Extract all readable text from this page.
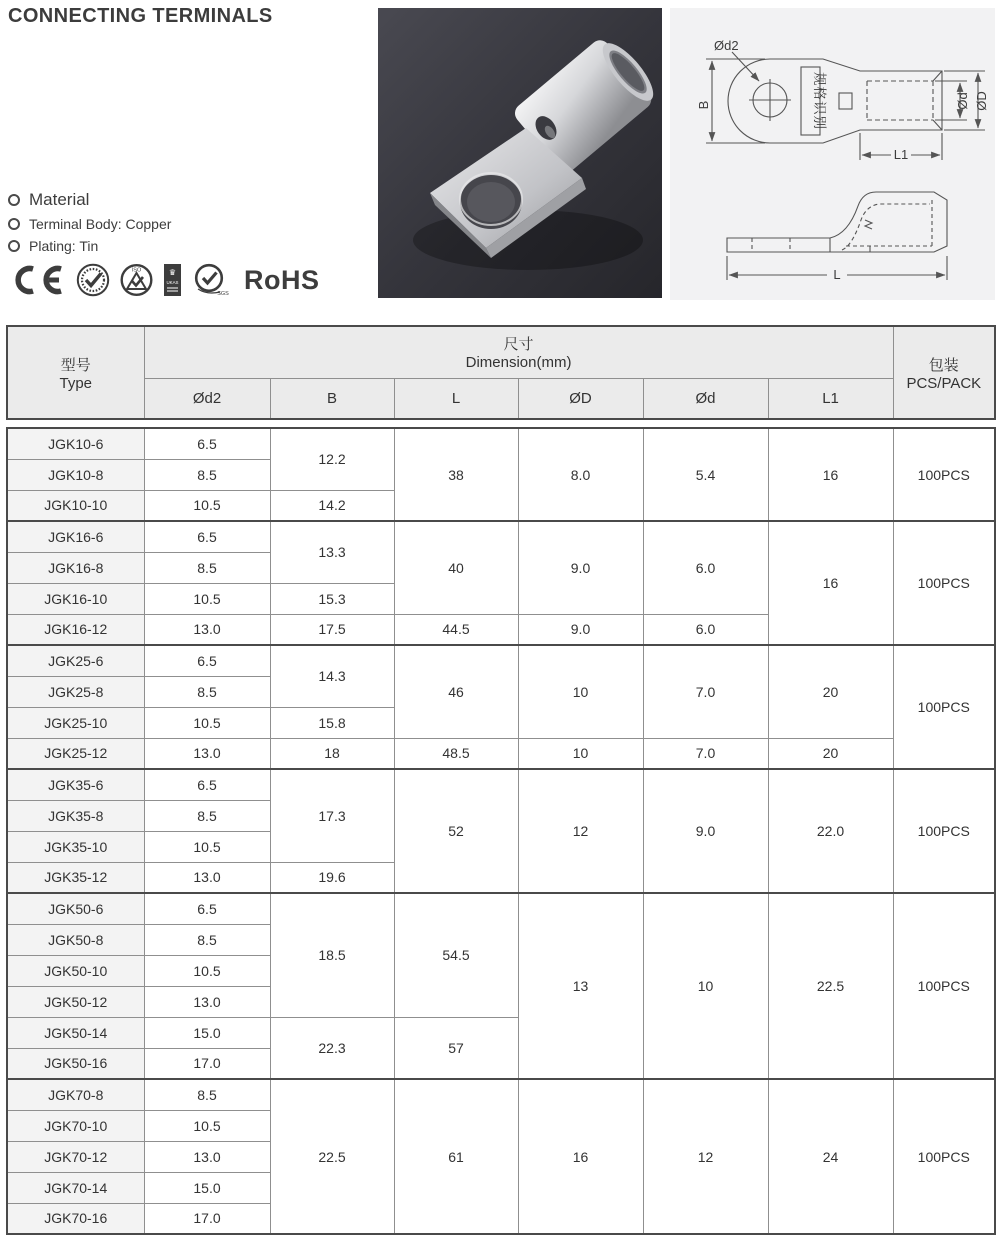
CONNECTING TERMINALS
Ød2
B	Ød ØD
L1
L
规格识别
Material
Terminal Body: Copper
Plating: Tin
ISO	♛
UKAS
SGS RoHS
型号
Type

尺寸
Dimension(mm)	包装
PCS/PACK

	Ød2	B	L	ØD	Ød	L1	
JGK10-6	6.5	12.2	38	8.0	5.4	16	100PCS
JGK10-8	8.5						
JGK10-10	10.5	14.2					
JGK16-6	6.5	13.3	40	9.0	6.0	16	100PCS
JGK16-8	8.5						
JGK16-10	10.5	15.3					
JGK16-12	13.0	17.5	44.5	9.0	6.0		
JGK25-6	6.5	14.3	46	10	7.0	20	100PCS
JGK25-8	8.5						
JGK25-10	10.5	15.8					
JGK25-12	13.0	18	48.5	10	7.0	20	
JGK35-6	6.5	17.3	52	12	9.0	22.0	100PCS
JGK35-8	8.5						
JGK35-10	10.5						
JGK35-12	13.0	19.6					
JGK50-6	6.5	18.5	54.5	13	10	22.5	100PCS
JGK50-8	8.5						
JGK50-10	10.5						
JGK50-12	13.0						
JGK50-14	15.0	22.3	57				
JGK50-16	17.0						
JGK70-8	8.5	22.5	61	16	12	24	100PCS
JGK70-10	10.5						
JGK70-12	13.0						
JGK70-14	15.0						
JGK70-16	17.0						
